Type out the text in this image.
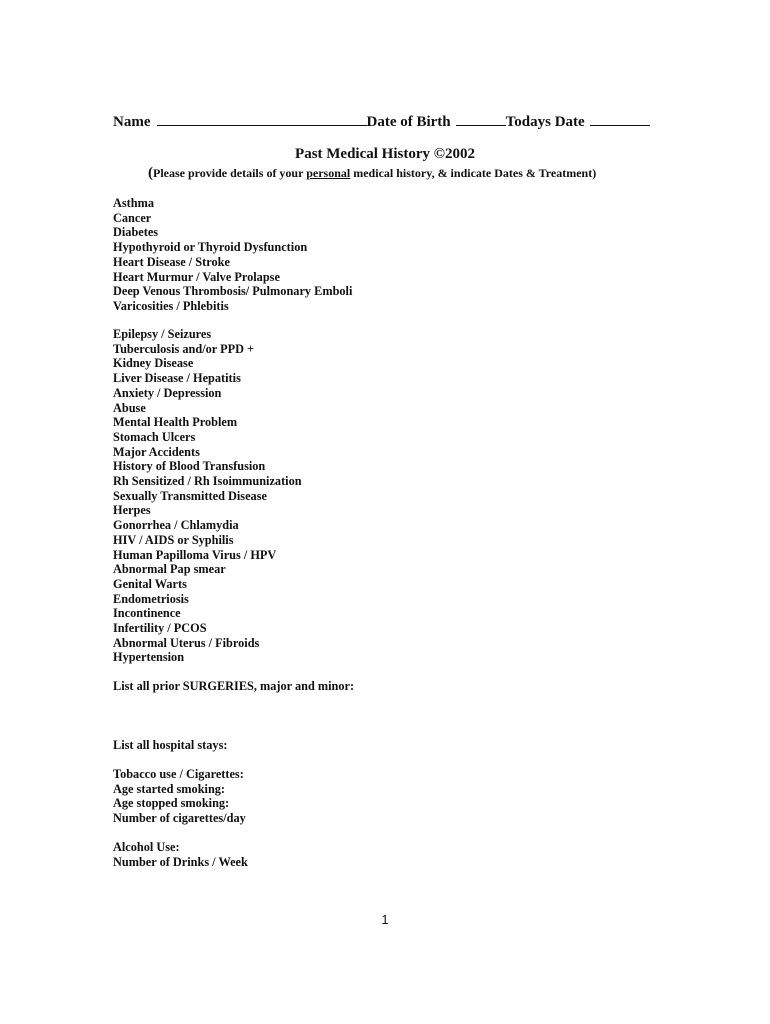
Name	Date of Birth	Todays Date
Past Medical History ©2002
(Please provide details of your personal medical history, & indicate Dates & Treatment)
Asthma
Cancer
Diabetes
Hypothyroid or Thyroid Dysfunction
Heart Disease / Stroke
Heart Murmur / Valve Prolapse
Deep Venous Thrombosis/ Pulmonary Emboli
Varicosities / Phlebitis
Epilepsy / Seizures
Tuberculosis and/or PPD +
Kidney Disease
Liver Disease / Hepatitis
Anxiety / Depression
Abuse
Mental Health Problem
Stomach Ulcers
Major Accidents
History of Blood Transfusion
Rh Sensitized / Rh Isoimmunization
Sexually Transmitted Disease
Herpes
Gonorrhea / Chlamydia
HIV / AIDS or Syphilis
Human Papilloma Virus / HPV
Abnormal Pap smear
Genital Warts
Endometriosis
Incontinence
Infertility / PCOS
Abnormal Uterus / Fibroids
Hypertension
List all prior SURGERIES, major and minor:
List all hospital stays:
Tobacco use / Cigarettes:
Age started smoking:
Age stopped smoking:
Number of cigarettes/day
Alcohol Use:
Number of Drinks / Week
1
